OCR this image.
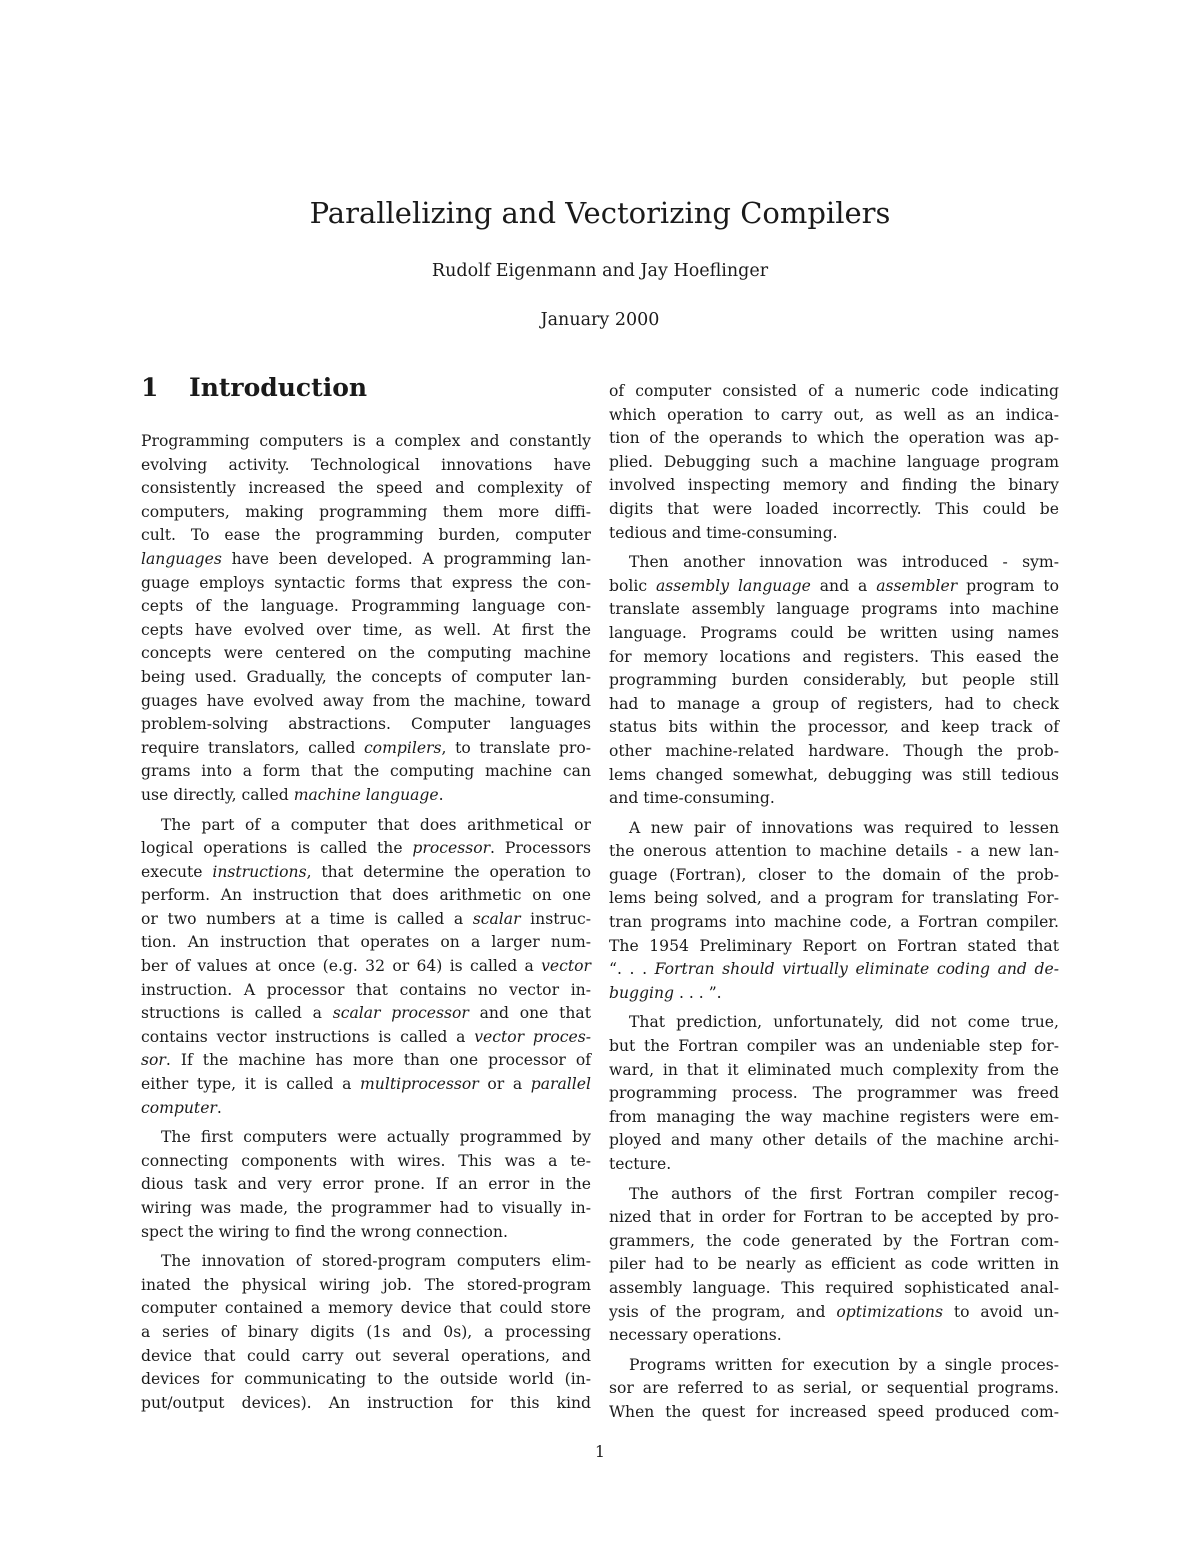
Parallelizing and Vectorizing Compilers
Rudolf Eigenmann and Jay Hoeflinger
January 2000
1 Introduction
Programming computers is a complex and constantly
evolving activity. Technological innovations have
consistently increased the speed and complexity of
computers, making programming them more diffi-
cult. To ease the programming burden, computer
languages have been developed. A programming lan-
guage employs syntactic forms that express the con-
cepts of the language. Programming language con-
cepts have evolved over time, as well. At first the
concepts were centered on the computing machine
being used. Gradually, the concepts of computer lan-
guages have evolved away from the machine, toward
problem-solving abstractions. Computer languages
require translators, called compilers, to translate pro-
grams into a form that the computing machine can
use directly, called machine language.
The part of a computer that does arithmetical or
logical operations is called the processor. Processors
execute instructions, that determine the operation to
perform. An instruction that does arithmetic on one
or two numbers at a time is called a scalar instruc-
tion. An instruction that operates on a larger num-
ber of values at once (e.g. 32 or 64) is called a vector
instruction. A processor that contains no vector in-
structions is called a scalar processor and one that
contains vector instructions is called a vector proces-
sor. If the machine has more than one processor of
either type, it is called a multiprocessor or a parallel
computer.
The first computers were actually programmed by
connecting components with wires. This was a te-
dious task and very error prone. If an error in the
wiring was made, the programmer had to visually in-
spect the wiring to find the wrong connection.
The innovation of stored-program computers elim-
inated the physical wiring job. The stored-program
computer contained a memory device that could store
a series of binary digits (1s and 0s), a processing
device that could carry out several operations, and
devices for communicating to the outside world (in-
put/output devices). An instruction for this kind
of computer consisted of a numeric code indicating
which operation to carry out, as well as an indica-
tion of the operands to which the operation was ap-
plied. Debugging such a machine language program
involved inspecting memory and finding the binary
digits that were loaded incorrectly. This could be
tedious and time-consuming.
Then another innovation was introduced - sym-
bolic assembly language and a assembler program to
translate assembly language programs into machine
language. Programs could be written using names
for memory locations and registers. This eased the
programming burden considerably, but people still
had to manage a group of registers, had to check
status bits within the processor, and keep track of
other machine-related hardware. Though the prob-
lems changed somewhat, debugging was still tedious
and time-consuming.
A new pair of innovations was required to lessen
the onerous attention to machine details - a new lan-
guage (Fortran), closer to the domain of the prob-
lems being solved, and a program for translating For-
tran programs into machine code, a Fortran compiler.
The 1954 Preliminary Report on Fortran stated that
“. . . Fortran should virtually eliminate coding and de-
bugging . . . ”.
That prediction, unfortunately, did not come true,
but the Fortran compiler was an undeniable step for-
ward, in that it eliminated much complexity from the
programming process. The programmer was freed
from managing the way machine registers were em-
ployed and many other details of the machine archi-
tecture.
The authors of the first Fortran compiler recog-
nized that in order for Fortran to be accepted by pro-
grammers, the code generated by the Fortran com-
piler had to be nearly as efficient as code written in
assembly language. This required sophisticated anal-
ysis of the program, and optimizations to avoid un-
necessary operations.
Programs written for execution by a single proces-
sor are referred to as serial, or sequential programs.
When the quest for increased speed produced com-
1
